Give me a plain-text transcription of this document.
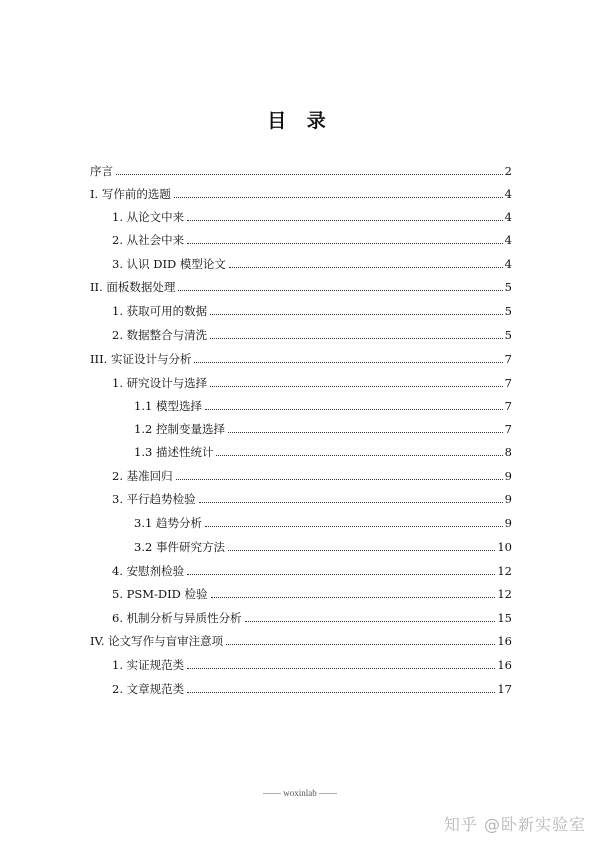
目 录
序言	2
I. 写作前的选题	4
1. 从论文中来	4
2. 从社会中来	4
3. 认识 DID 模型论文	4
II. 面板数据处理	5
1. 获取可用的数据	5
2. 数据整合与清洗	5
III. 实证设计与分析	7
1. 研究设计与选择	7
1.1 模型选择	7
1.2 控制变量选择	7
1.3 描述性统计	8
2. 基准回归	9
3. 平行趋势检验	9
3.1 趋势分析	9
3.2 事件研究方法	10
4. 安慰剂检验	12
5. PSM-DID 检验	12
6. 机制分析与异质性分析	15
IV. 论文写作与盲审注意项	16
1. 实证规范类	16
2. 文章规范类	17
—— woxinlab ——
知乎 @卧新实验室
